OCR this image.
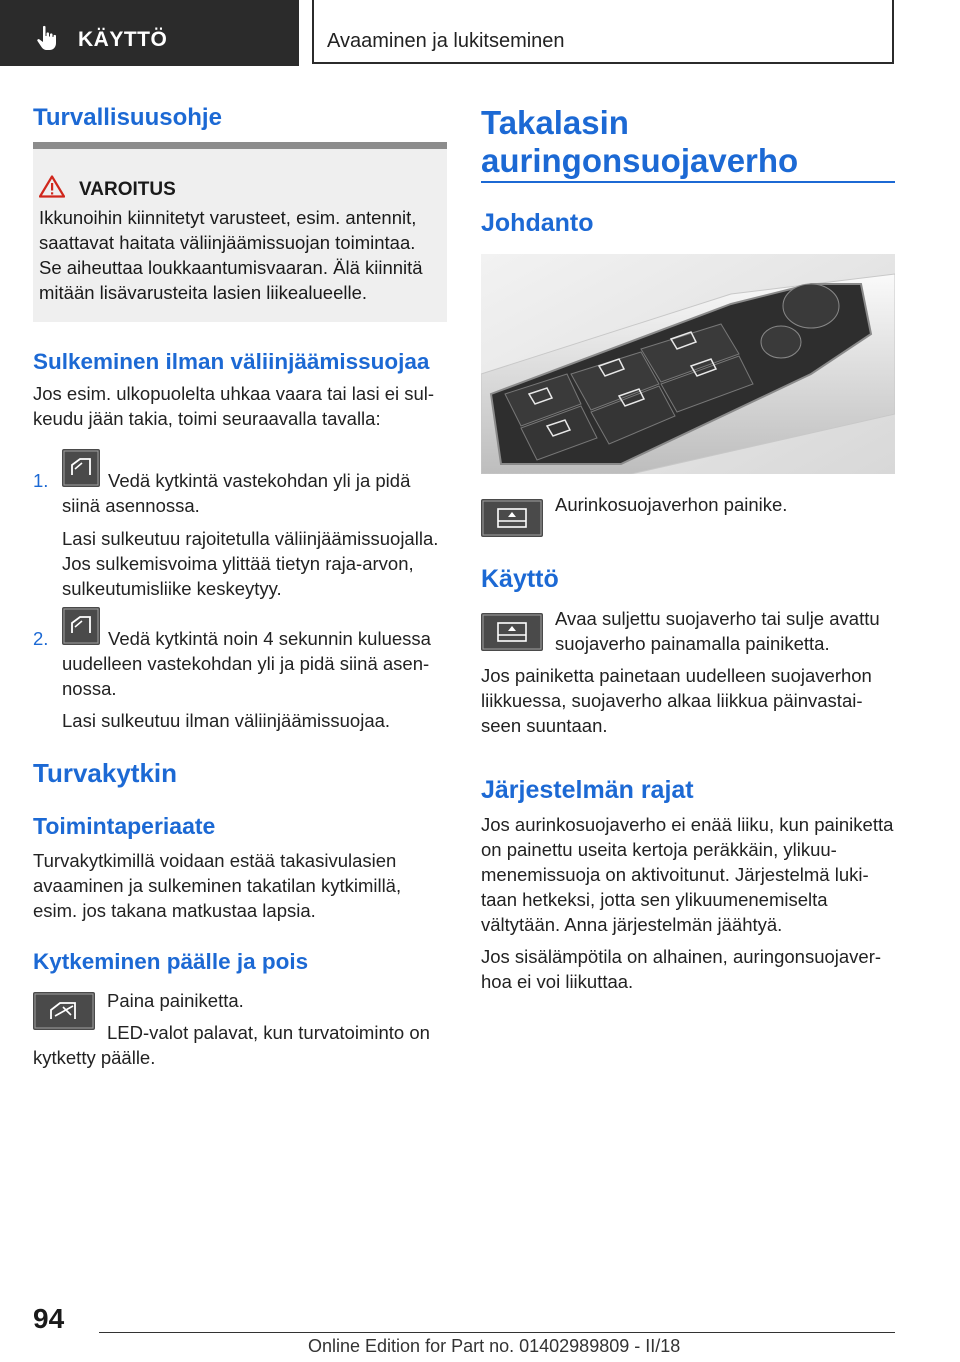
KÄYTTÖ	Avaaminen ja lukitseminen
Turvallisuusohje
VAROITUS
Ikkunoihin kiinnitetyt varusteet, esim. antennit, saattavat haitata väliinjäämissuojan toimintaa. Se aiheuttaa loukkaantumisvaaran. Älä kiinnitä mitään lisävarusteita lasien liikealueelle.
Sulkeminen ilman väliinjäämissuojaa
Jos esim. ulkopuolelta uhkaa vaara tai lasi ei sulkeudu jään takia, toimi seuraavalla tavalla:
1.	Vedä kytkintä vastekohdan yli ja pidä siinä asennossa.
Lasi sulkeutuu rajoitetulla väliinjäämissuojalla. Jos sulkemisvoima ylittää tietyn raja-arvon, sulkeutumisliike keskeytyy.
2.	Vedä kytkintä noin 4 sekunnin kuluessa uudelleen vastekohdan yli ja pidä siinä asennossa.
Lasi sulkeutuu ilman väliinjäämissuojaa.
Turvakytkin
Toimintaperiaate
Turvakytkimillä voidaan estää takasivulasien avaaminen ja sulkeminen takatilan kytkimillä, esim. jos takana matkustaa lapsia.
Kytkeminen päälle ja pois
Paina painiketta.
LED-valot palavat, kun turvatoiminto on kytketty päälle.
Takalasin auringonsuojaverho
Johdanto
Aurinkosuojaverhon painike.
Käyttö
Avaa suljettu suojaverho tai sulje avattu suojaverho painamalla painiketta.
Jos painiketta painetaan uudelleen suojaverhon liikkuessa, suojaverho alkaa liikkua päinvastaiseen suuntaan.
Järjestelmän rajat
Jos aurinkosuojaverho ei enää liiku, kun painiketta on painettu useita kertoja peräkkäin, ylikuumenemissuoja on aktivoitunut. Järjestelmä lukitaan hetkeksi, jotta sen ylikuumenemiselta vältytään. Anna järjestelmän jäähtyä.
Jos sisälämpötila on alhainen, auringonsuojaverhoa ei voi liikuttaa.
94
Online Edition for Part no. 01402989809 - II/18
